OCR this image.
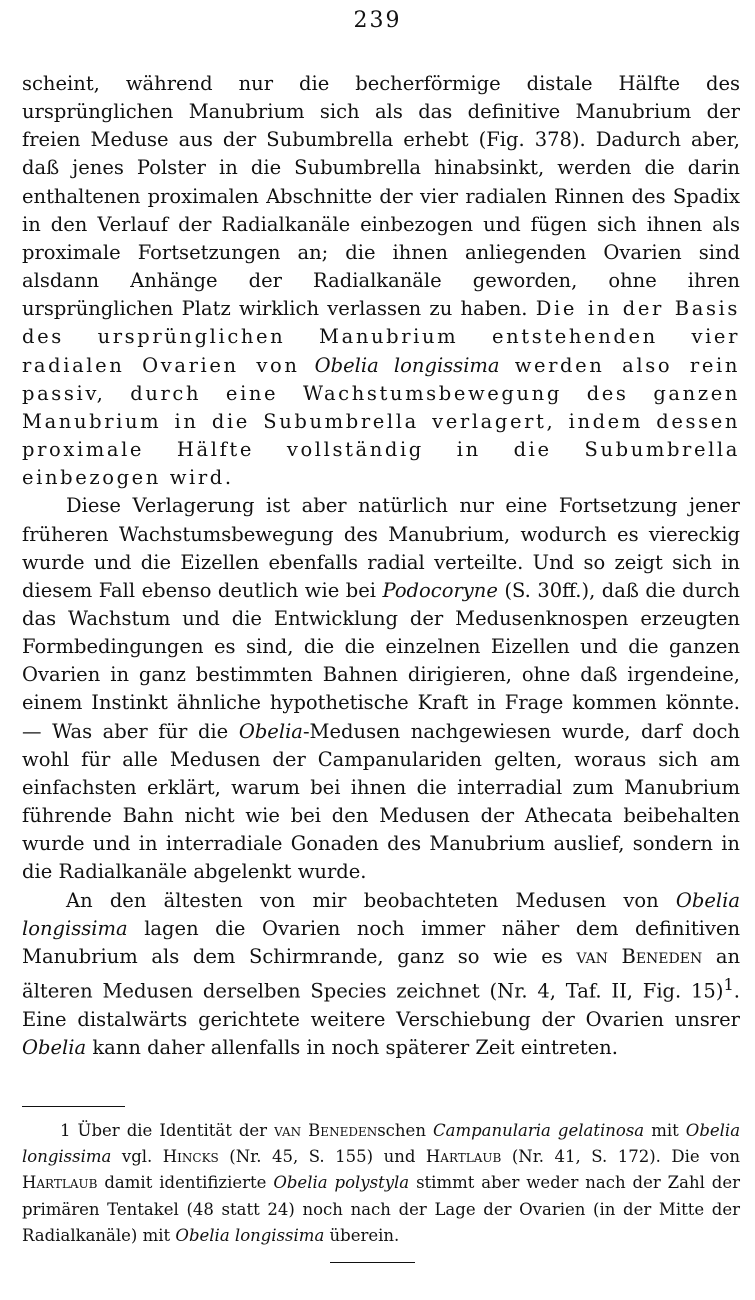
239

scheint, während nur die becherförmige distale Hälfte des ursprünglichen Manubrium sich als das definitive Manubrium der freien Meduse aus der Subumbrella erhebt (Fig. 378). Dadurch aber, daß jenes Polster in die Subumbrella hinabsinkt, werden die darin enthaltenen proximalen Abschnitte der vier radialen Rinnen des Spadix in den Verlauf der Radialkanäle einbezogen und fügen sich ihnen als proximale Fortsetzungen an; die ihnen anliegenden Ovarien sind alsdann Anhänge der Radialkanäle geworden, ohne ihren ursprünglichen Platz wirklich verlassen zu haben. Die in der Basis des ursprünglichen Manubrium entstehenden vier radialen Ovarien von Obelia longissima werden also rein passiv, durch eine Wachstumsbewegung des ganzen Manubrium in die Subumbrella verlagert, indem dessen proximale Hälfte vollständig in die Subumbrella einbezogen wird.

Diese Verlagerung ist aber natürlich nur eine Fortsetzung jener früheren Wachstumsbewegung des Manubrium, wodurch es viereckig wurde und die Eizellen ebenfalls radial verteilte. Und so zeigt sich in diesem Fall ebenso deutlich wie bei Podocoryne (S. 30ff.), daß die durch das Wachstum und die Entwicklung der Medusenknospen erzeugten Formbedingungen es sind, die die einzelnen Eizellen und die ganzen Ovarien in ganz bestimmten Bahnen dirigieren, ohne daß irgendeine, einem Instinkt ähnliche hypothetische Kraft in Frage kommen könnte. — Was aber für die Obelia-Medusen nachgewiesen wurde, darf doch wohl für alle Medusen der Campanulariden gelten, woraus sich am einfachsten erklärt, warum bei ihnen die interradial zum Manubrium führende Bahn nicht wie bei den Medusen der Athecata beibehalten wurde und in interradiale Gonaden des Manubrium auslief, sondern in die Radialkanäle abgelenkt wurde.

An den ältesten von mir beobachteten Medusen von Obelia longissima lagen die Ovarien noch immer näher dem definitiven Manubrium als dem Schirmrande, ganz so wie es van Beneden an älteren Medusen derselben Species zeichnet (Nr. 4, Taf. II, Fig. 15)$^1$. Eine distalwärts gerichtete weitere Verschiebung der Ovarien unsrer Obelia kann daher allenfalls in noch späterer Zeit eintreten.

1 Über die Identität der van Benedenschen Campanularia gelatinosa mit Obelia longissima vgl. Hincks (Nr. 45, S. 155) und Hartlaub (Nr. 41, S. 172). Die von Hartlaub damit identifizierte Obelia polystyla stimmt aber weder nach der Zahl der primären Tentakel (48 statt 24) noch nach der Lage der Ovarien (in der Mitte der Radialkanäle) mit Obelia longissima überein.
